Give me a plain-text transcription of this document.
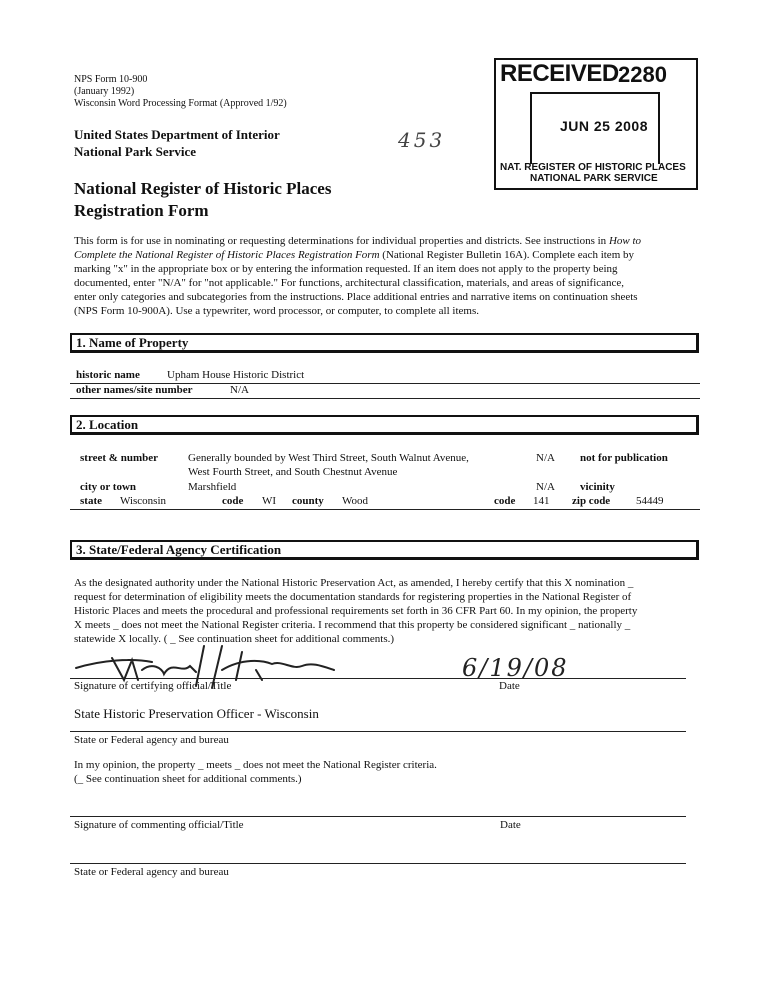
NPS Form 10-900
(January 1992)
Wisconsin Word Processing Format (Approved 1/92)
United States Department of Interior
National Park Service	453
National Register of Historic Places
Registration Form
RECEIVED 2280
JUN 25 2008
NAT. REGISTER OF HISTORIC PLACES
NATIONAL PARK SERVICE
This form is for use in nominating or requesting determinations for individual properties and districts. See instructions in How to
Complete the National Register of Historic Places Registration Form (National Register Bulletin 16A). Complete each item by
marking "x" in the appropriate box or by entering the information requested. If an item does not apply to the property being
documented, enter "N/A" for "not applicable." For functions, architectural classification, materials, and areas of significance,
enter only categories and subcategories from the instructions. Place additional entries and narrative items on continuation sheets
(NPS Form 10-900A). Use a typewriter, word processor, or computer, to complete all items.
1. Name of Property
historic name Upham House Historic District
other names/site number	N/A
2. Location
street & number	Generally bounded by West Third Street, South Walnut Avenue,
West Fourth Street, and South Chestnut Avenue
N/A not for publication
city or town	Marshfield	N/A vicinity
state Wisconsin	code WI county Wood	code 141 zip code 54449
3. State/Federal Agency Certification
As the designated authority under the National Historic Preservation Act, as amended, I hereby certify that this X nomination _
request for determination of eligibility meets the documentation standards for registering properties in the National Register of
Historic Places and meets the procedural and professional requirements set forth in 36 CFR Part 60. In my opinion, the property
X meets _ does not meet the National Register criteria. I recommend that this property be considered significant _ nationally _
statewide X locally. ( _ See continuation sheet for additional comments.)
6/19/08
Signature of certifying official/Title	Date
State Historic Preservation Officer - Wisconsin
State or Federal agency and bureau
In my opinion, the property _ meets _ does not meet the National Register criteria.
(_ See continuation sheet for additional comments.)
Signature of commenting official/Title	Date
State or Federal agency and bureau
